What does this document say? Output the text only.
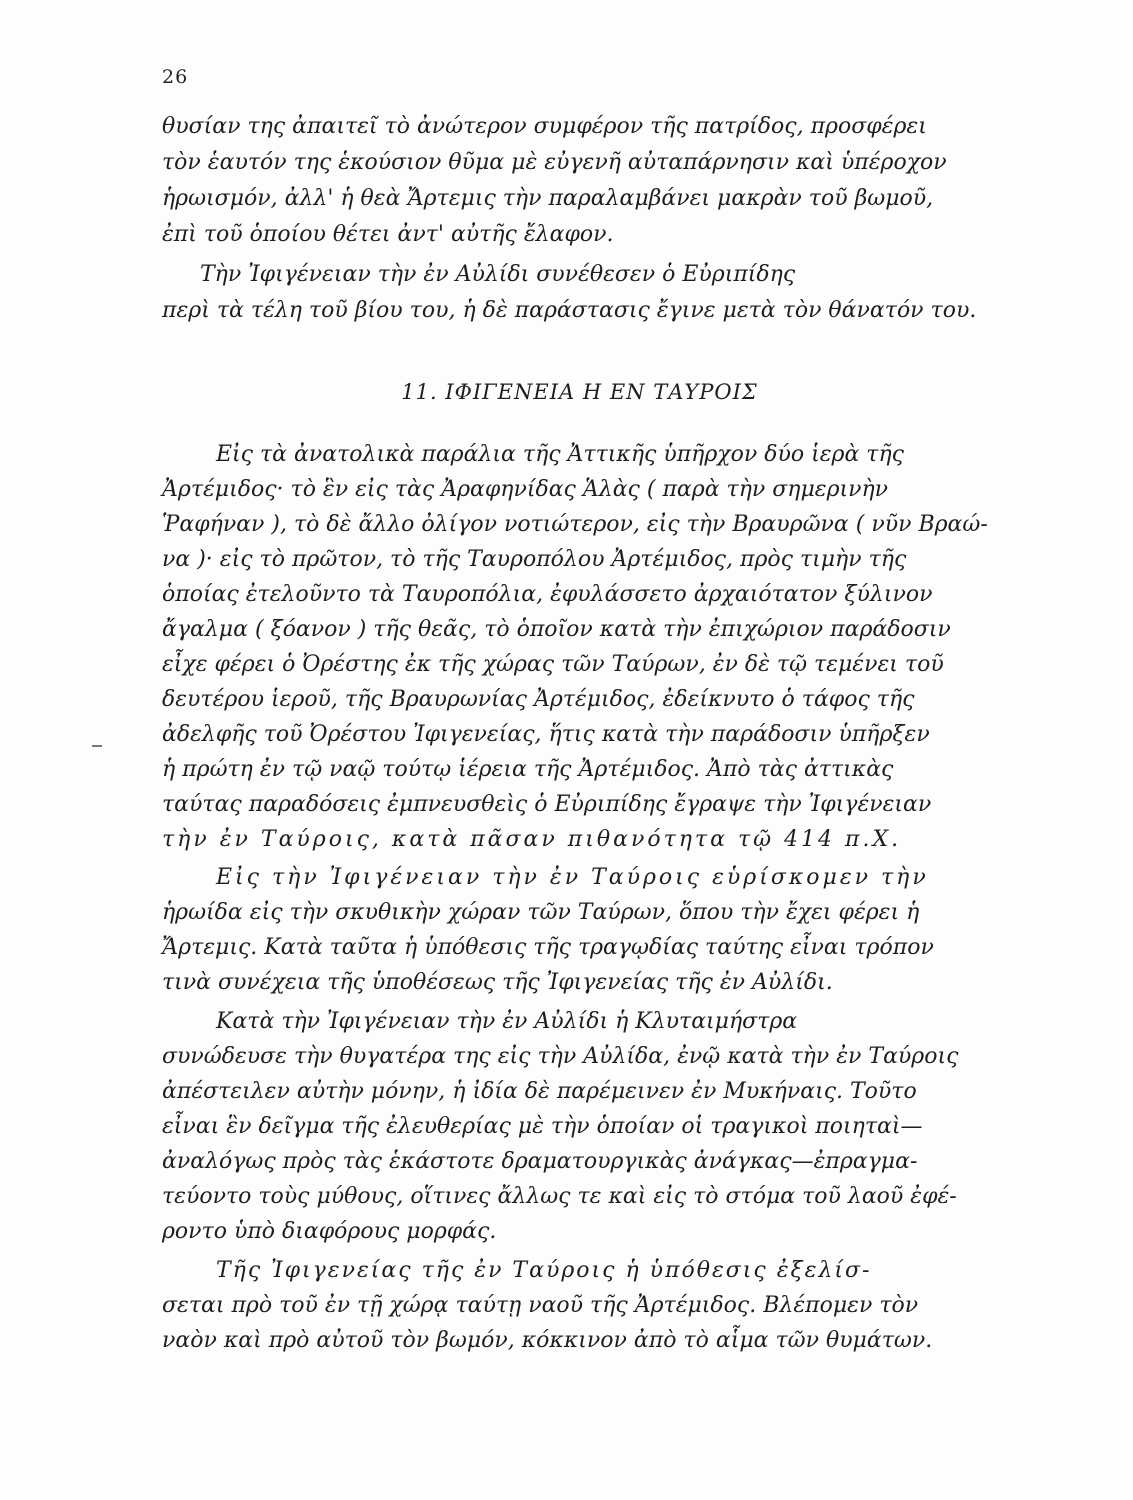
26
θυσίαν της ἀπαιτεῖ τὸ ἀνώτερον συμφέρον τῆς πατρίδος, προσφέρει
τὸν ἑαυτόν της ἑκούσιον θῦμα μὲ εὐγενῆ αὐταπάρνησιν καὶ ὑπέροχον
ἡρωισμόν, ἀλλ' ἡ θεὰ Ἄρτεμις τὴν παραλαμβάνει μακρὰν τοῦ βωμοῦ,
ἐπὶ τοῦ ὁποίου θέτει ἀντ' αὐτῆς ἔλαφον.
Τὴν Ἰφιγένειαν τὴν ἐν Αὐλίδι συνέθεσεν ὁ Εὐριπίδης
περὶ τὰ τέλη τοῦ βίου του, ἡ δὲ παράστασις ἔγινε μετὰ τὸν θάνατόν του.
11. ΙΦΙΓΕΝΕΙΑ Η ΕΝ ΤΑΥΡΟΙΣ
Εἰς τὰ ἀνατολικὰ παράλια τῆς Ἀττικῆς ὑπῆρχον δύο ἱερὰ τῆς
Ἀρτέμιδος· τὸ ἓν εἰς τὰς Ἀραφηνίδας Ἁλὰς ( παρὰ τὴν σημερινὴν
Ῥαφήναν ), τὸ δὲ ἄλλο ὀλίγον νοτιώτερον, εἰς τὴν Βραυρῶνα ( νῦν Βραώ-
να )· εἰς τὸ πρῶτον, τὸ τῆς Ταυροπόλου Ἀρτέμιδος, πρὸς τιμὴν τῆς
ὁποίας ἐτελοῦντο τὰ Ταυροπόλια, ἐφυλάσσετο ἀρχαιότατον ξύλινον
ἄγαλμα ( ξόανον ) τῆς θεᾶς, τὸ ὁποῖον κατὰ τὴν ἐπιχώριον παράδοσιν
εἶχε φέρει ὁ Ὀρέστης ἐκ τῆς χώρας τῶν Ταύρων, ἐν δὲ τῷ τεμένει τοῦ
δευτέρου ἱεροῦ, τῆς Βραυρωνίας Ἀρτέμιδος, ἐδείκνυτο ὁ τάφος τῆς
ἀδελφῆς τοῦ Ὀρέστου Ἰφιγενείας, ἥτις κατὰ τὴν παράδοσιν ὑπῆρξεν
ἡ πρώτη ἐν τῷ ναῷ τούτῳ ἱέρεια τῆς Ἀρτέμιδος. Ἀπὸ τὰς ἀττικὰς
ταύτας παραδόσεις ἐμπνευσθεὶς ὁ Εὐριπίδης ἔγραψε τὴν Ἰφιγένειαν
τὴν ἐν Ταύροις, κατὰ πᾶσαν πιθανότητα τῷ 414 π.Χ.
Εἰς τὴν Ἰφιγένειαν τὴν ἐν Ταύροις εὑρίσκομεν τὴν
ἡρωίδα εἰς τὴν σκυθικὴν χώραν τῶν Ταύρων, ὅπου τὴν ἔχει φέρει ἡ
Ἄρτεμις. Κατὰ ταῦτα ἡ ὑπόθεσις τῆς τραγῳδίας ταύτης εἶναι τρόπον
τινὰ συνέχεια τῆς ὑποθέσεως τῆς Ἰφιγενείας τῆς ἐν Αὐλίδι.
Κατὰ τὴν Ἰφιγένειαν τὴν ἐν Αὐλίδι ἡ Κλυταιμήστρα
συνώδευσε τὴν θυγατέρα της εἰς τὴν Αὐλίδα, ἐνῷ κατὰ τὴν ἐν Ταύροις
ἀπέστειλεν αὐτὴν μόνην, ἡ ἰδία δὲ παρέμεινεν ἐν Μυκήναις. Τοῦτο
εἶναι ἓν δεῖγμα τῆς ἐλευθερίας μὲ τὴν ὁποίαν οἱ τραγικοὶ ποιηταὶ—
ἀναλόγως πρὸς τὰς ἑκάστοτε δραματουργικὰς ἀνάγκας—ἐπραγμα-
τεύοντο τοὺς μύθους, οἵτινες ἄλλως τε καὶ εἰς τὸ στόμα τοῦ λαοῦ ἐφέ-
ροντο ὑπὸ διαφόρους μορφάς.
Τῆς Ἰφιγενείας τῆς ἐν Ταύροις ἡ ὑπόθεσις ἐξελίσ-
σεται πρὸ τοῦ ἐν τῇ χώρᾳ ταύτῃ ναοῦ τῆς Ἀρτέμιδος. Βλέπομεν τὸν
ναὸν καὶ πρὸ αὐτοῦ τὸν βωμόν, κόκκινον ἀπὸ τὸ αἷμα τῶν θυμάτων.
